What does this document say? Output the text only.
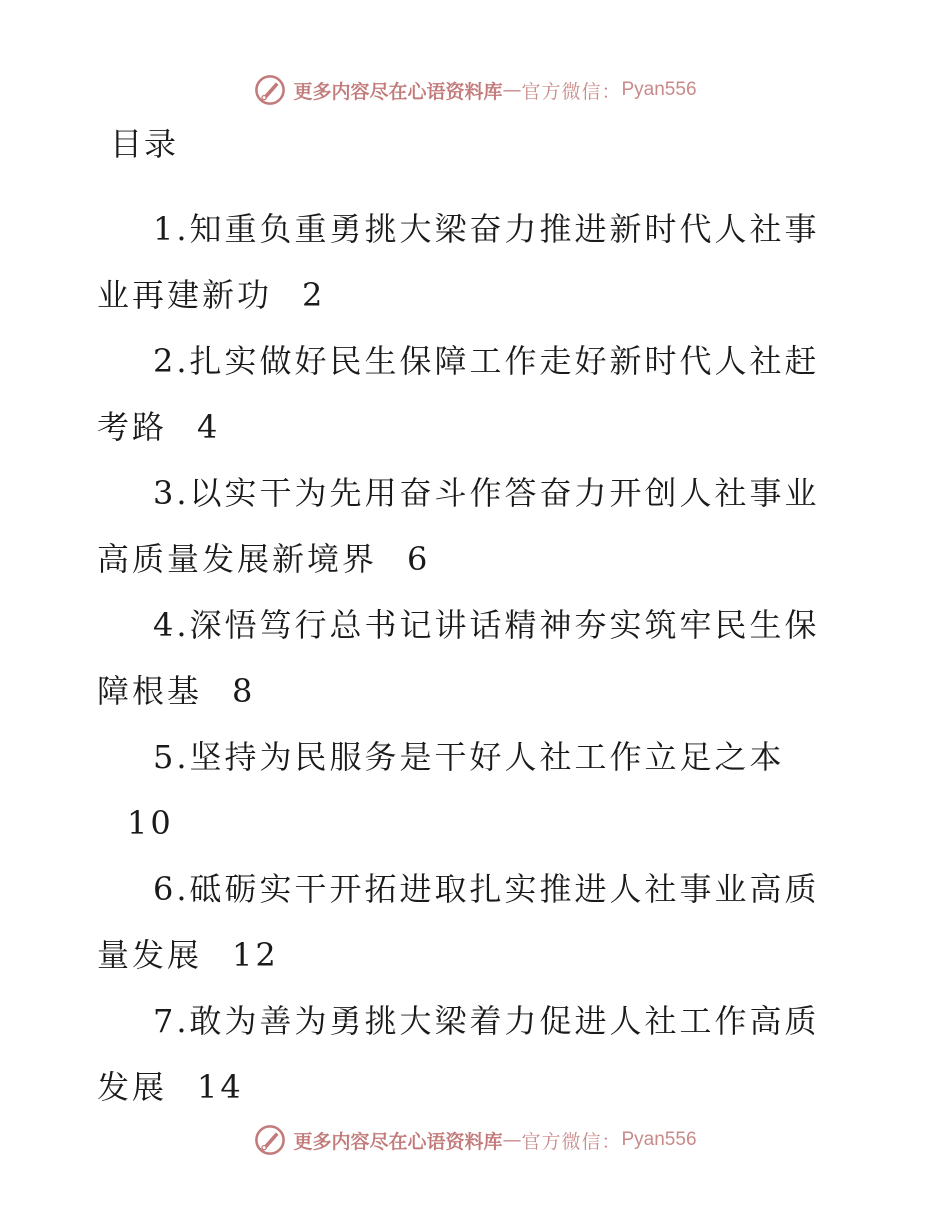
更多内容尽在心语资料库 — 官方微信： Pyan556
目录
1.知重负重勇挑大梁奋力推进新时代人社事业再建新功 2
2.扎实做好民生保障工作走好新时代人社赶考路 4
3.以实干为先用奋斗作答奋力开创人社事业高质量发展新境界 6
4.深悟笃行总书记讲话精神夯实筑牢民生保障根基 8
5.坚持为民服务是干好人社工作立足之本10
6.砥砺实干开拓进取扎实推进人社事业高质量发展 12
7.敢为善为勇挑大梁着力促进人社工作高质发展 14
更多内容尽在心语资料库 — 官方微信： Pyan556
